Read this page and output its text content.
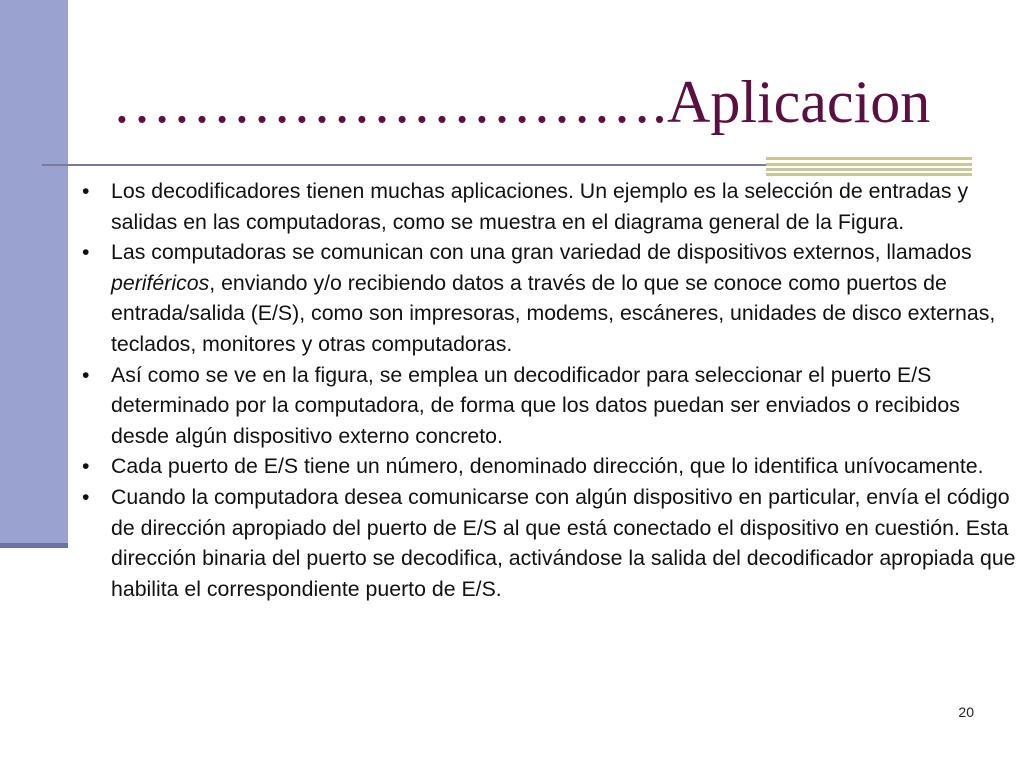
……………………….Aplicacion
• Los decodificadores tienen muchas aplicaciones. Un ejemplo es la selección de entradas y salidas en las computadoras, como se muestra en el diagrama general de la Figura.
• Las computadoras se comunican con una gran variedad de dispositivos externos, llamados periféricos, enviando y/o recibiendo datos a través de lo que se conoce como puertos de entrada/salida (E/S), como son impresoras, modems, escáneres, unidades de disco externas, teclados, monitores y otras computadoras.
• Así como se ve en la figura, se emplea un decodificador para seleccionar el puerto E/S determinado por la computadora, de forma que los datos puedan ser enviados o recibidos desde algún dispositivo externo concreto.
• Cada puerto de E/S tiene un número, denominado dirección, que lo identifica unívocamente.
• Cuando la computadora desea comunicarse con algún dispositivo en particular, envía el código de dirección apropiado del puerto de E/S al que está conectado el dispositivo en cuestión. Esta dirección binaria del puerto se decodifica, activándose la salida del decodificador apropiada que habilita el correspondiente puerto de E/S.
20
